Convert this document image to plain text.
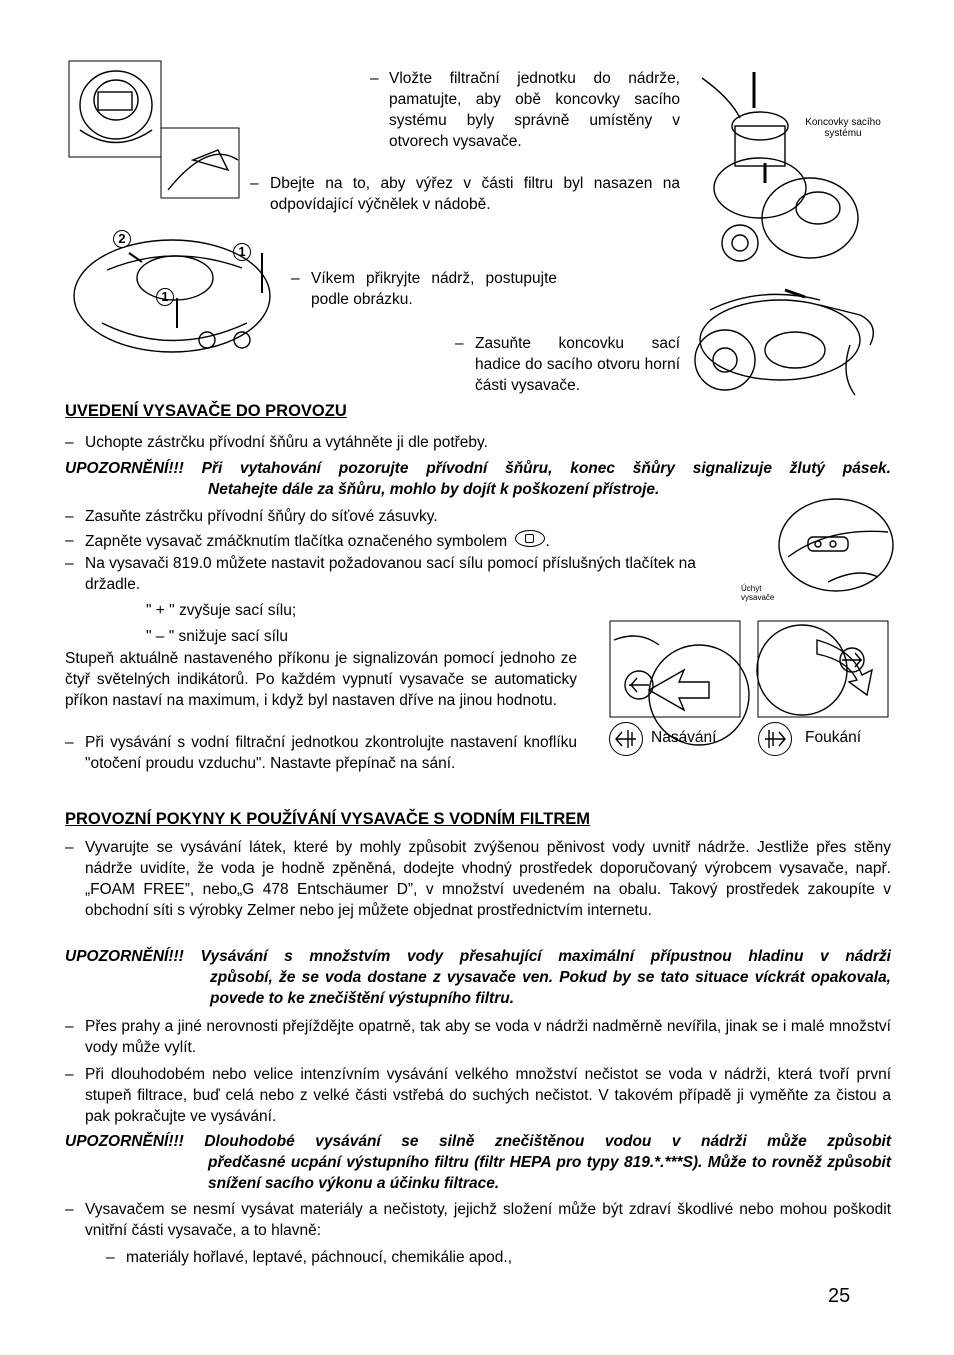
2
1
1
Koncovky sacího systému
– Vložte filtrační jednotku do nádrže, pamatujte, aby obě koncovky sacího systému byly správně umístěny v otvorech vysavače.
– Dbejte na to, aby výřez v části filtru byl nasazen na odpovídající výčnělek v nádobě.
– Víkem přikryjte nádrž, postupujte podle obrázku.
– Zasuňte koncovku sací hadice do sacího otvoru horní části vysavače.
UVEDENÍ VYSAVAČE DO PROVOZU
– Uchopte zástrčku přívodní šňůru a vytáhněte ji dle potřeby.
UPOZORNĚNÍ!!! Při vytahování pozorujte přívodní šňůru, konec šňůry signalizuje žlutý pásek.
Netahejte dále za šňůru, mohlo by dojít k poškození přístroje.
– Zasuňte zástrčku přívodní šňůry do síťové zásuvky.
– Zapněte vysavač zmáčknutím tlačítka označeného symbolem .
– Na vysavači 819.0 můžete nastavit požadovanou sací sílu pomocí příslušných tlačítek na držadle.
" + " zvyšuje sací sílu;
" – " snižuje sací sílu
Stupeň aktuálně nastaveného příkonu je signalizován pomocí jednoho ze čtyř světelných indikátorů. Po každém vypnutí vysavače se automaticky příkon nastaví na maximum, i když byl nastaven dříve na jinou hodnotu.
– Při vysávání s vodní filtrační jednotkou zkontrolujte nastavení knoflíku "otočení proudu vzduchu". Nastavte přepínač na sání.
Úchyt vysavače
Nasávání	Foukání
PROVOZNÍ POKYNY K POUŽÍVÁNÍ VYSAVAČE S VODNÍM FILTREM
– Vyvarujte se vysávání látek, které by mohly způsobit zvýšenou pěnivost vody uvnitř nádrže. Jestliže přes stěny nádrže uvidíte, že voda je hodně zpěněná, dodejte vhodný prostředek doporučovaný výrobcem vysavače, např. „FOAM FREE”, nebo„G 478 Entschäumer D”, v množství uvedeném na obalu. Takový prostředek zakoupíte v obchodní síti s výrobky Zelmer nebo jej můžete objednat prostřednictvím internetu.
UPOZORNĚNÍ!!! Vysávání s množstvím vody přesahující maximální přípustnou hladinu v nádrži
způsobí, že se voda dostane z vysavače ven. Pokud by se tato situace víckrát opakovala, povede to ke znečištění výstupního filtru.
– Přes prahy a jiné nerovnosti přejíždějte opatrně, tak aby se voda v nádrži nadměrně nevířila, jinak se i malé množství vody může vylít.
– Při dlouhodobém nebo velice intenzívním vysávání velkého množství nečistot se voda v nádrži, která tvoří první stupeň filtrace, buď celá nebo z velké části vstřebá do suchých nečistot. V takovém případě ji vyměňte za čistou a pak pokračujte ve vysávání.
UPOZORNĚNÍ!!! Dlouhodobé vysávání se silně znečištěnou vodou v nádrži může způsobit
předčasné ucpání výstupního filtru (filtr HEPA pro typy 819.*.***S). Může to rovněž způsobit snížení sacího výkonu a účinku filtrace.
– Vysavačem se nesmí vysávat materiály a nečistoty, jejichž složení může být zdraví škodlivé nebo mohou poškodit vnitřní části vysavače, a to hlavně:
– materiály hořlavé, leptavé, páchnoucí, chemikálie apod.,
25
